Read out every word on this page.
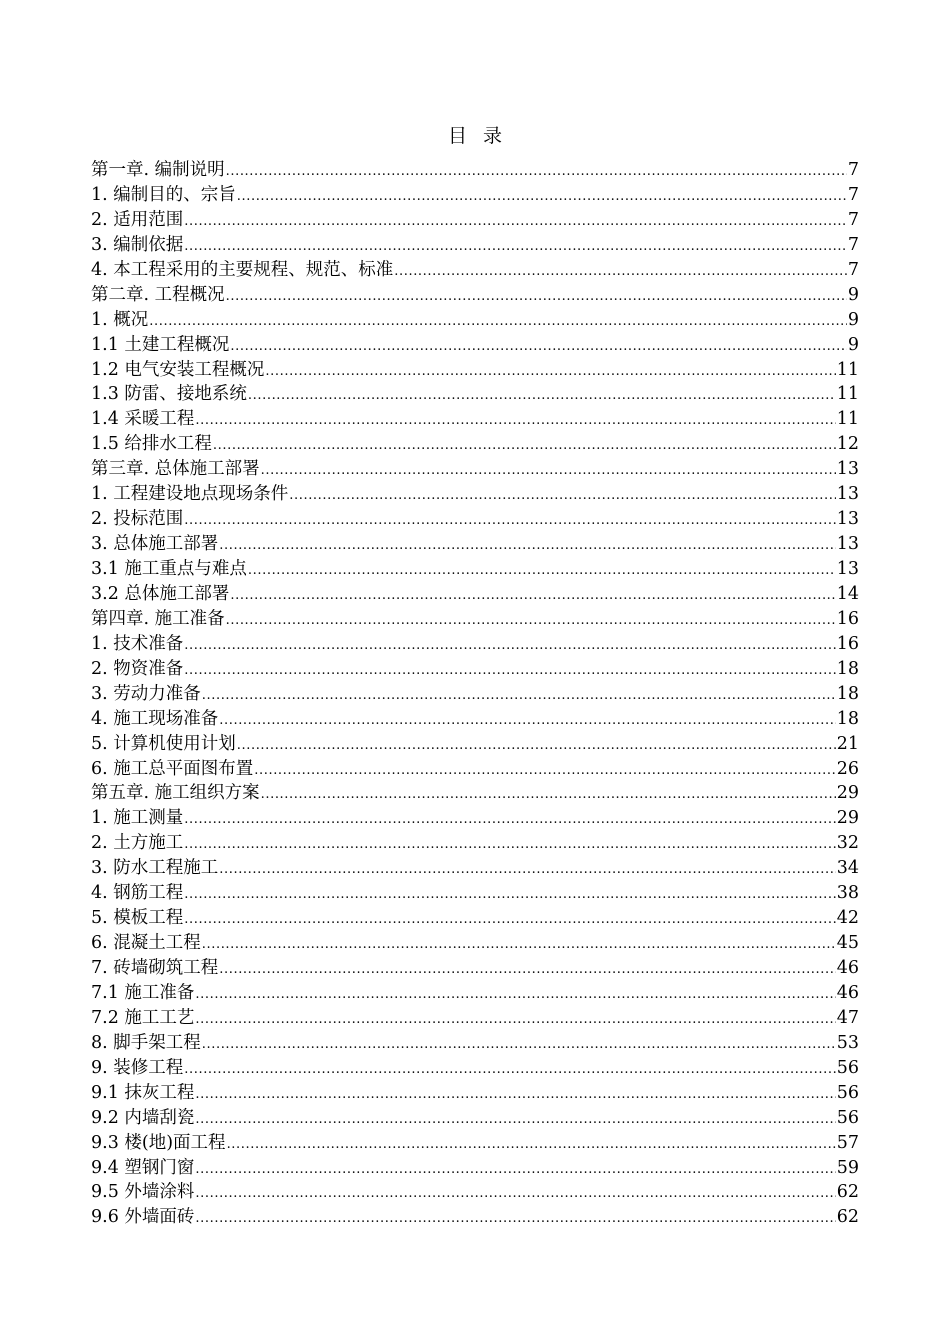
目录
第一章. 编制说明 .....	7
1. 编制目的、宗旨 .....	7
2. 适用范围 .....	7
3. 编制依据 .....	7
4. 本工程采用的主要规程、规范、标准 .....	7
第二章. 工程概况 .....	9
1. 概况 .....	9
1.1 土建工程概况 .....	9
1.2 电气安装工程概况 .....	11
1.3 防雷、接地系统 .....	11
1.4 采暖工程 .....	11
1.5 给排水工程 .....	12
第三章. 总体施工部署 .....	13
1. 工程建设地点现场条件 .....	13
2. 投标范围 .....	13
3. 总体施工部署 .....	13
3.1 施工重点与难点 .....	13
3.2 总体施工部署 .....	14
第四章. 施工准备 .....	16
1. 技术准备 .....	16
2. 物资准备 .....	18
3. 劳动力准备 .....	18
4. 施工现场准备 .....	18
5. 计算机使用计划 .....	21
6. 施工总平面图布置 .....	26
第五章. 施工组织方案 .....	29
1. 施工测量 .....	29
2. 土方施工 .....	32
3. 防水工程施工 .....	34
4. 钢筋工程 .....	38
5. 模板工程 .....	42
6. 混凝土工程 .....	45
7. 砖墙砌筑工程 .....	46
7.1 施工准备 .....	46
7.2 施工工艺 .....	47
8. 脚手架工程 .....	53
9. 装修工程 .....	56
9.1 抹灰工程 .....	56
9.2 内墙刮瓷 .....	56
9.3 楼(地)面工程 .....	57
9.4 塑钢门窗 .....	59
9.5 外墙涂料 .....	62
9.6 外墙面砖 .....	62
